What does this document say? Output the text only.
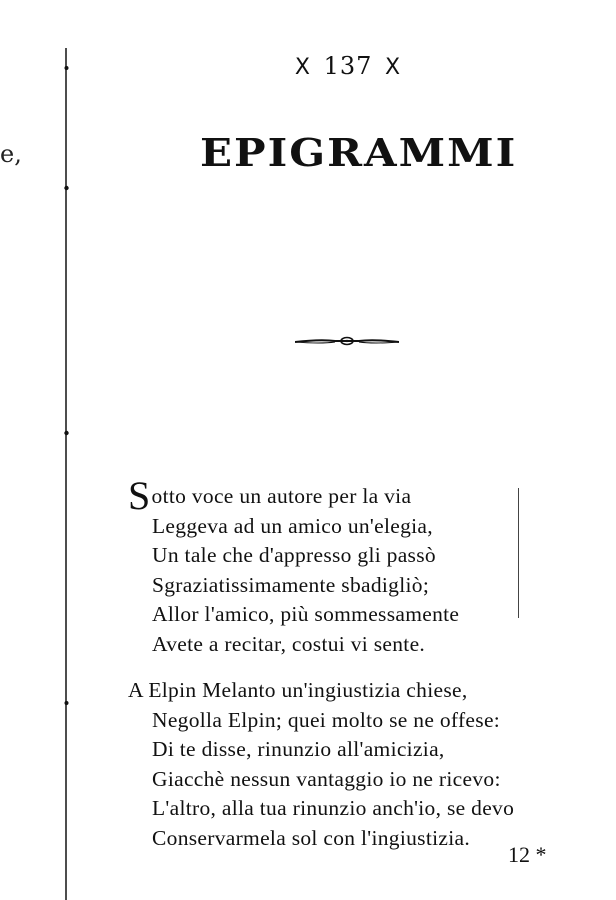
e,
X 137 X
EPIGRAMMI
Sotto voce un autore per la via
Leggeva ad un amico un'elegia,
Un tale che d'appresso gli passò
Sgraziatissimamente sbadigliò;
Allor l'amico, più sommessamente
Avete a recitar, costui vi sente.
A Elpin Melanto un'ingiustizia chiese,
Negolla Elpin; quei molto se ne offese:
Di te disse, rinunzio all'amicizia,
Giacchè nessun vantaggio io ne ricevo:
L'altro, alla tua rinunzio anch'io, se devo
Conservarmela sol con l'ingiustizia.
12 *
